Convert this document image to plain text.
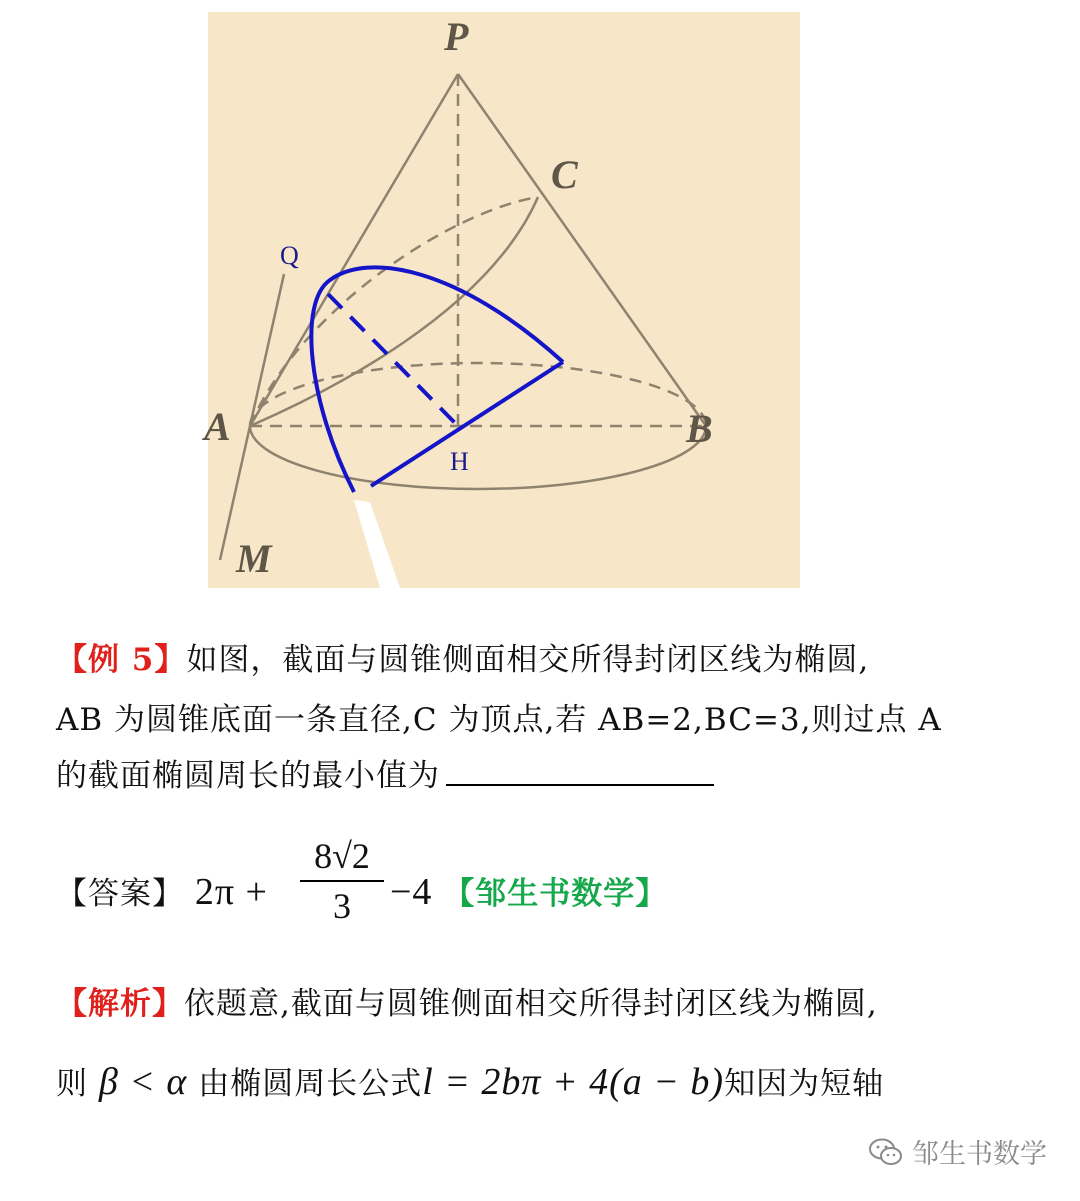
P
C
Q
A	B
H
M
【例 5】如图，截面与圆锥侧面相交所得封闭区线为椭圆,
AB 为圆锥底面一条直径,C 为顶点,若 AB=2,BC=3,则过点 A
的截面椭圆周长的最小值为
【答案】 2π +
8√2
3	−4 【邹生书数学】
【解析】依题意,截面与圆锥侧面相交所得封闭区线为椭圆,
则 β < α 由椭圆周长公式l = 2bπ + 4(a − b)知因为短轴
邹生书数学
